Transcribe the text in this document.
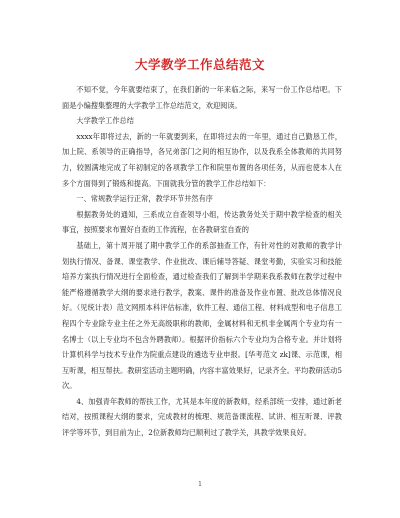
大学教学工作总结范文

不知不觉，今年就要结束了，在我们新的一年来临之际，来写一份工作总结吧。下面是小编搜集整理的大学教学工作总结范文，欢迎阅读。

大学教学工作总结

xxxx年即将过去，新的一年就要到来，在即将过去的一年里，通过自己勤恳工作，加上院、系领导的正确指导，各兄弟部门之间的相互协作，以及我系全体教师的共同努力，较圆满地完成了年初制定的各项教学工作和院里布置的各项任务，从而也使本人在多个方面得到了锻炼和提高。下面就我分管的教学工作总结如下：

一、常规教学运行正常，教学环节井然有序

根据教务处的通知，三系成立自查领导小组，传达教务处关于期中教学检查的相关事宜，按照要求布置好自查的工作流程，在各教研室自查的

基础上，第十周开展了期中教学工作的系部抽查工作，有针对性的对教师的教学计划执行情况、备课、课堂教学、作业批改、课后辅导答疑、课堂考勤，实验实习和技能培养方案执行情况进行全面检查，通过检查我们了解到半学期来我系教师在教学过程中能严格遵循教学大纲的要求进行教学，教案、课件的准备及作业布置、批改总体情况良好。（见统计表）范文网照本科评估标准，软件工程、通信工程、材料成型和电子信息工程四个专业除专业主任之外无高级职称的教师，金属材料和无机非金属两个专业均有一名博士（以上专业均不包含外聘教师）。根据评价指标六个专业均为合格专业。并计划将计算机科学与技术专业作为院重点建设的遴选专业申报。[华考范文 zk]课、示范课，相互听课，相互帮扶。教研室活动主题明确，内容丰富效果好，记录齐全。平均教研活动5次。

4、加强青年教师的帮扶工作，尤其是本年度的新教师，经系部统一安排，通过新老结对，按照课程大纲的要求，完成教材的梳理、规范备课流程、试讲、相互听课、评教评学等环节，到目前为止，2位新教师均已顺利过了教学关，具教学效果良好。

1
